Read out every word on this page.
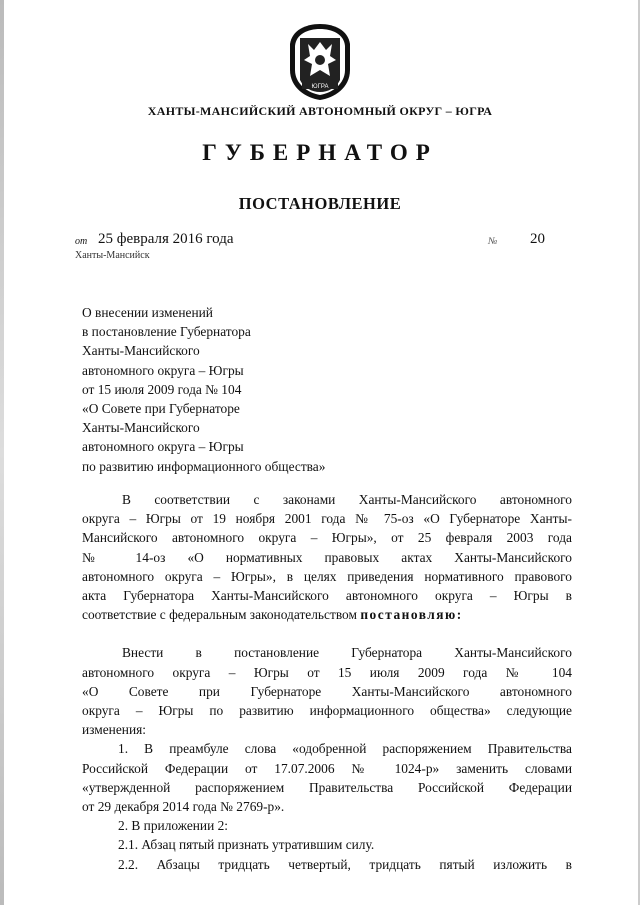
ЮГРА
ХАНТЫ-МАНСИЙСКИЙ АВТОНОМНЫЙ ОКРУГ – ЮГРА
ГУБЕРНАТОР
ПОСТАНОВЛЕНИЕ
от 25 февраля 2016 года	№ 20
Ханты-Мансийск
О внесении изменений
в постановление Губернатора
Ханты-Мансийского
автономного округа – Югры
от 15 июля 2009 года № 104
«О Совете при Губернаторе
Ханты-Мансийского
автономного округа – Югры
по развитию информационного общества»
В соответствии с законами Ханты-Мансийского автономного
округа – Югры от 19 ноября 2001 года № 75-оз «О Губернаторе Ханты-
Мансийского автономного округа – Югры», от 25 февраля 2003 года
№ 14-оз «О нормативных правовых актах Ханты-Мансийского
автономного округа – Югры», в целях приведения нормативного правового
акта Губернатора Ханты-Мансийского автономного округа – Югры в
соответствие с федеральным законодательством постановляю:
Внести в постановление Губернатора Ханты-Мансийского
автономного округа – Югры от 15 июля 2009 года № 104
«О Совете при Губернаторе Ханты-Мансийского автономного
округа – Югры по развитию информационного общества» следующие
изменения:
1. В преамбуле слова «одобренной распоряжением Правительства
Российской Федерации от 17.07.2006 № 1024-р» заменить словами
«утвержденной распоряжением Правительства Российской Федерации
от 29 декабря 2014 года № 2769-р».
2. В приложении 2:
2.1. Абзац пятый признать утратившим силу.
2.2. Абзацы тридцать четвертый, тридцать пятый изложить в
